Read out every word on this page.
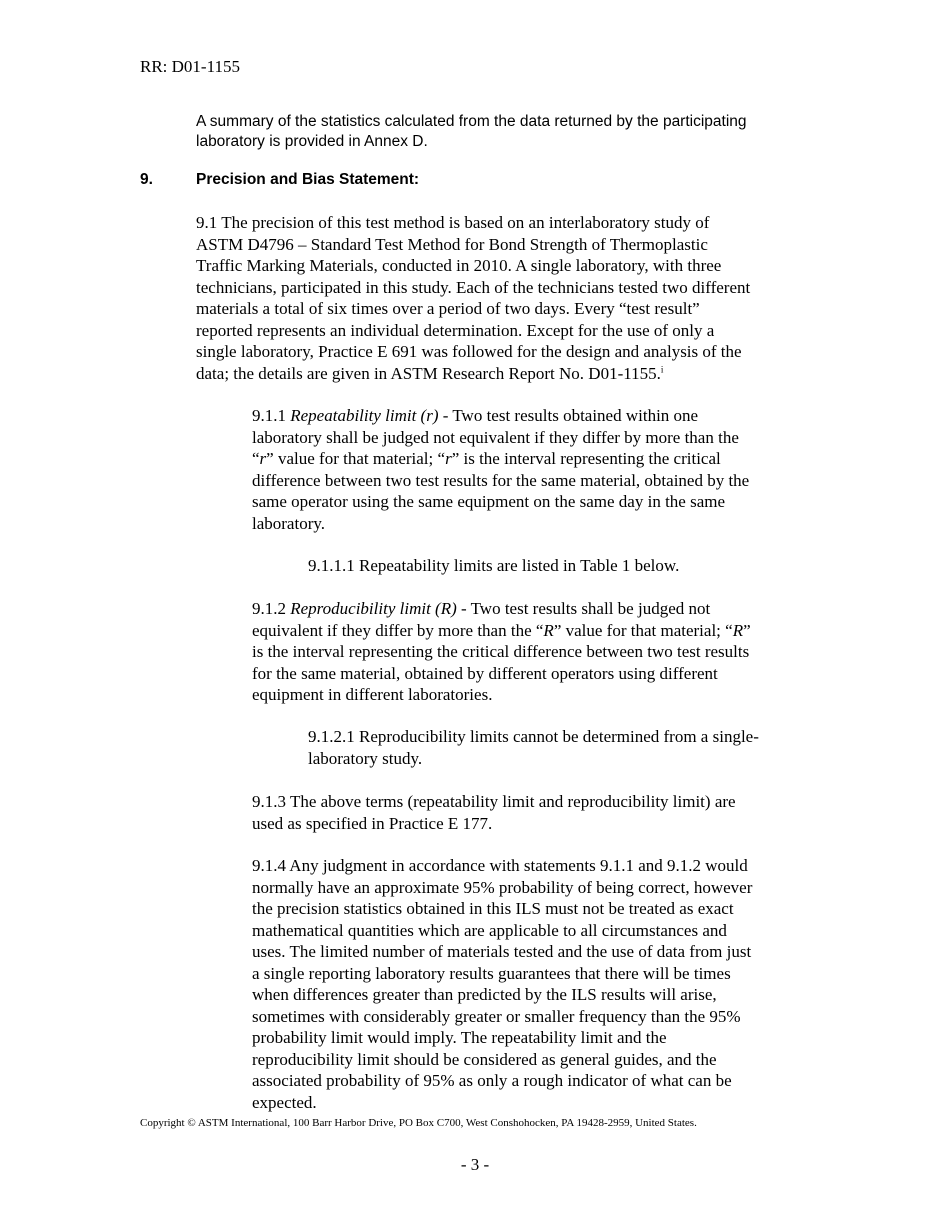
RR: D01-1155
A summary of the statistics calculated from the data returned by the participating
laboratory is provided in Annex D.
9.	Precision and Bias Statement:
9.1 The precision of this test method is based on an interlaboratory study of
ASTM D4796 – Standard Test Method for Bond Strength of Thermoplastic
Traffic Marking Materials, conducted in 2010. A single laboratory, with three
technicians, participated in this study. Each of the technicians tested two different
materials a total of six times over a period of two days. Every “test result”
reported represents an individual determination. Except for the use of only a
single laboratory, Practice E 691 was followed for the design and analysis of the
data; the details are given in ASTM Research Report No. D01-1155.$^i$
9.1.1 Repeatability limit (r) - Two test results obtained within one
laboratory shall be judged not equivalent if they differ by more than the
“r” value for that material; “r” is the interval representing the critical
difference between two test results for the same material, obtained by the
same operator using the same equipment on the same day in the same
laboratory.
9.1.1.1 Repeatability limits are listed in Table 1 below.
9.1.2 Reproducibility limit (R) - Two test results shall be judged not
equivalent if they differ by more than the “R” value for that material; “R”
is the interval representing the critical difference between two test results
for the same material, obtained by different operators using different
equipment in different laboratories.
9.1.2.1 Reproducibility limits cannot be determined from a single-
laboratory study.
9.1.3 The above terms (repeatability limit and reproducibility limit) are
used as specified in Practice E 177.
9.1.4 Any judgment in accordance with statements 9.1.1 and 9.1.2 would
normally have an approximate 95% probability of being correct, however
the precision statistics obtained in this ILS must not be treated as exact
mathematical quantities which are applicable to all circumstances and
uses. The limited number of materials tested and the use of data from just
a single reporting laboratory results guarantees that there will be times
when differences greater than predicted by the ILS results will arise,
sometimes with considerably greater or smaller frequency than the 95%
probability limit would imply. The repeatability limit and the
reproducibility limit should be considered as general guides, and the
associated probability of 95% as only a rough indicator of what can be
expected.
Copyright © ASTM International, 100 Barr Harbor Drive, PO Box C700, West Conshohocken, PA 19428-2959, United States.
- 3 -
